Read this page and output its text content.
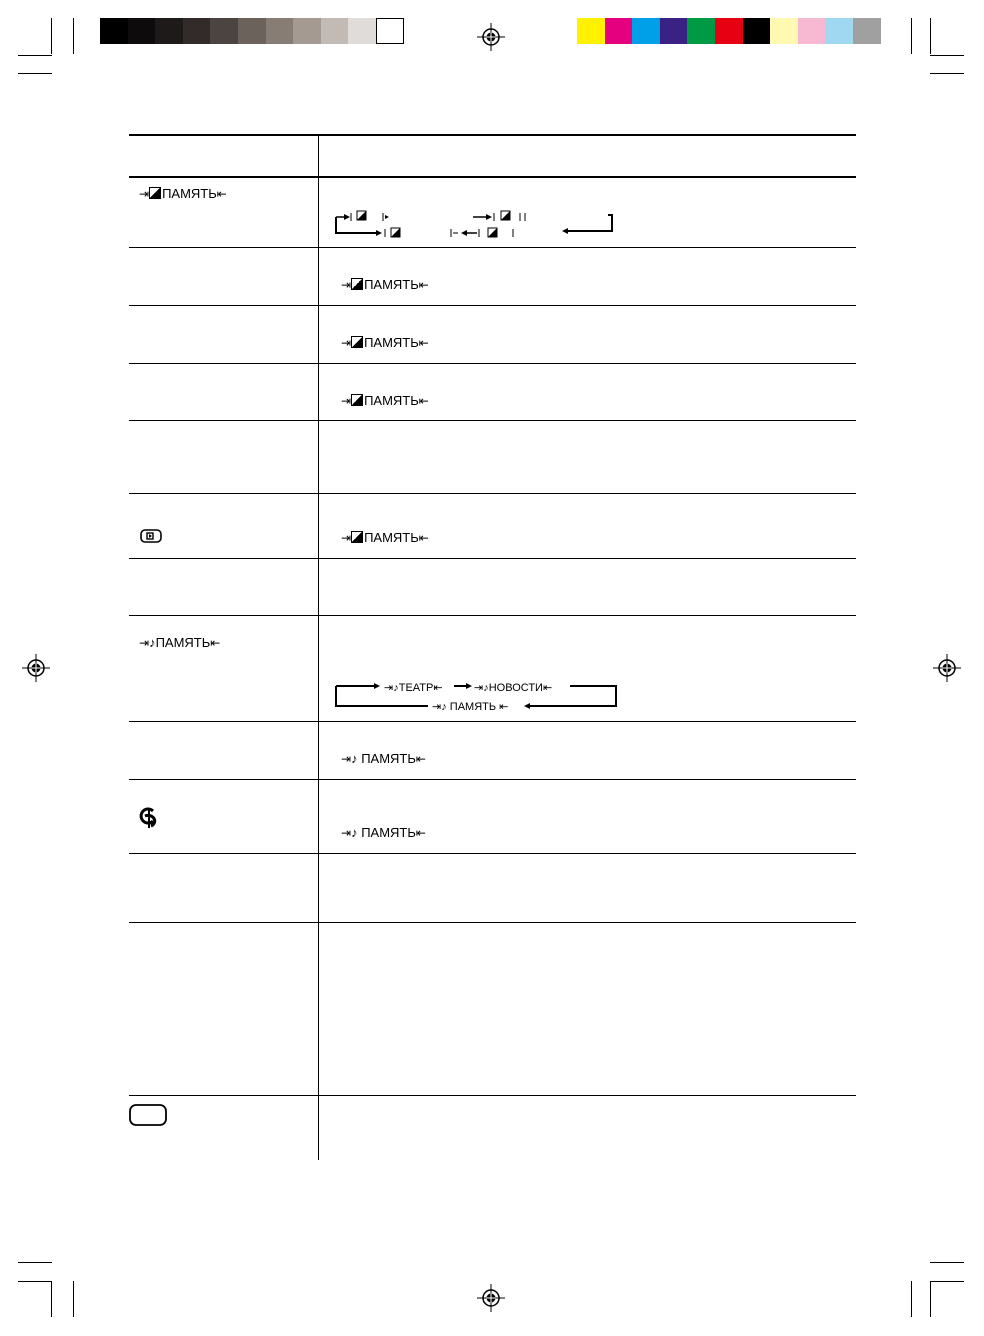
⇥ ПАМЯТЬ⇤
⇥♪ПАМЯТЬ⇤
⇥ ПАМЯТЬ⇤
⇥ ПАМЯТЬ⇤
⇥ ПАМЯТЬ⇤
⇥ ПАМЯТЬ⇤
⇥♪ТЕАТР⇤	⇥♪НОВОСТИ⇤
⇥♪ ПАМЯТЬ ⇤
⇥♪ ПАМЯТЬ⇤
⇥♪ ПАМЯТЬ⇤
